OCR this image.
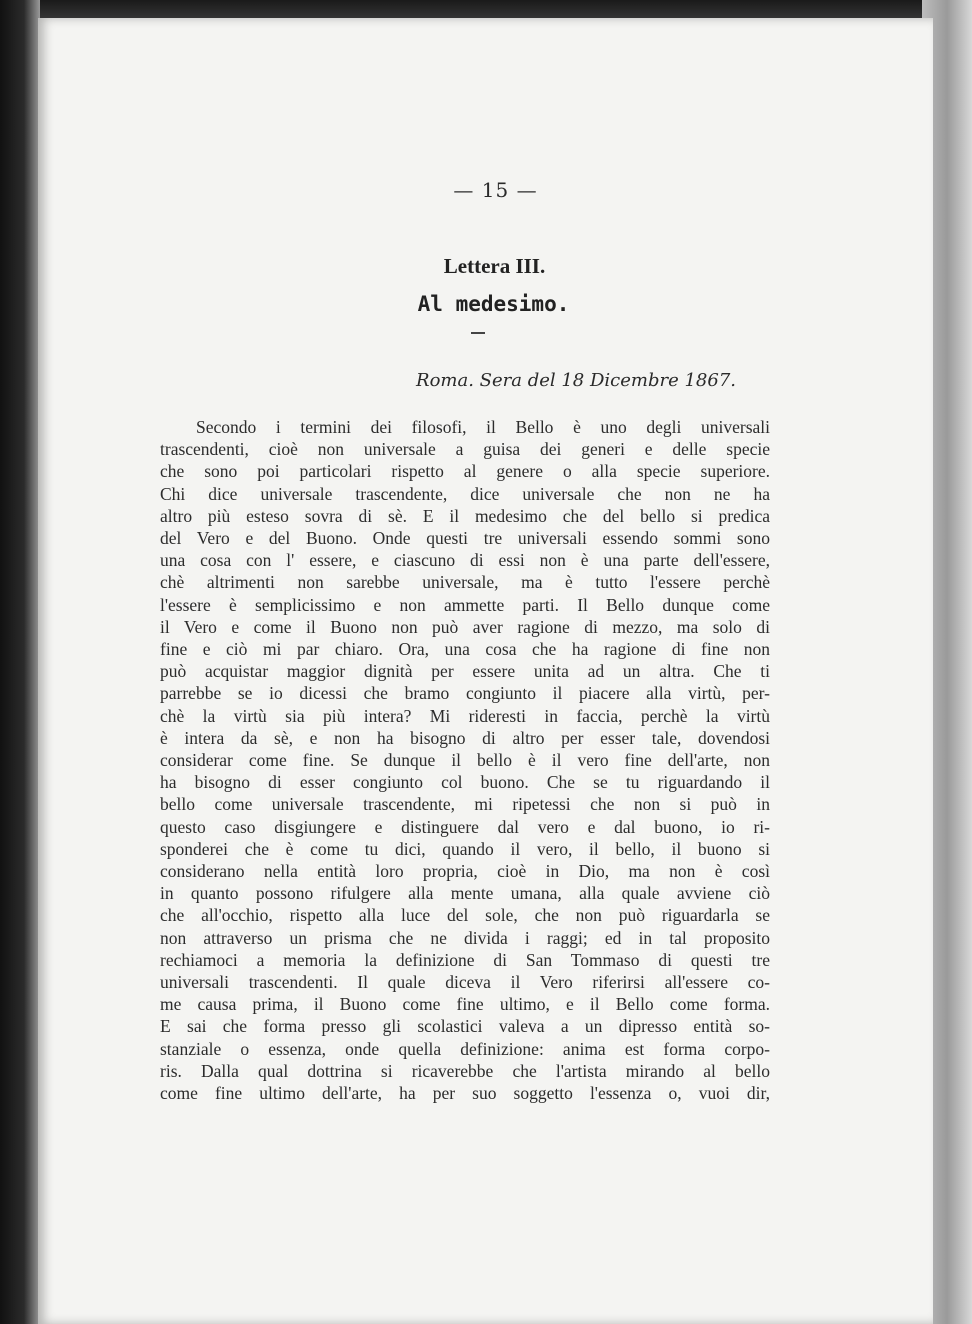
— 15 —
Lettera III.
Al medesimo.
Roma. Sera del 18 Dicembre 1867.
Secondo i termini dei filosofi, il Bello è uno degli universali
trascendenti, cioè non universale a guisa dei generi e delle specie
che sono poi particolari rispetto al genere o alla specie superiore.
Chi dice universale trascendente, dice universale che non ne ha
altro più esteso sovra di sè. E il medesimo che del bello si predica
del Vero e del Buono. Onde questi tre universali essendo sommi sono
una cosa con l' essere, e ciascuno di essi non è una parte dell'essere,
chè altrimenti non sarebbe universale, ma è tutto l'essere perchè
l'essere è semplicissimo e non ammette parti. Il Bello dunque come
il Vero e come il Buono non può aver ragione di mezzo, ma solo di
fine e ciò mi par chiaro. Ora, una cosa che ha ragione di fine non
può acquistar maggior dignità per essere unita ad un altra. Che ti
parrebbe se io dicessi che bramo congiunto il piacere alla virtù, per-
chè la virtù sia più intera? Mi rideresti in faccia, perchè la virtù
è intera da sè, e non ha bisogno di altro per esser tale, dovendosi
considerar come fine. Se dunque il bello è il vero fine dell'arte, non
ha bisogno di esser congiunto col buono. Che se tu riguardando il
bello come universale trascendente, mi ripetessi che non si può in
questo caso disgiungere e distinguere dal vero e dal buono, io ri-
sponderei che è come tu dici, quando il vero, il bello, il buono si
considerano nella entità loro propria, cioè in Dio, ma non è così
in quanto possono rifulgere alla mente umana, alla quale avviene ciò
che all'occhio, rispetto alla luce del sole, che non può riguardarla se
non attraverso un prisma che ne divida i raggi; ed in tal proposito
rechiamoci a memoria la definizione di San Tommaso di questi tre
universali trascendenti. Il quale diceva il Vero riferirsi all'essere co-
me causa prima, il Buono come fine ultimo, e il Bello come forma.
E sai che forma presso gli scolastici valeva a un dipresso entità so-
stanziale o essenza, onde quella definizione: anima est forma corpo-
ris. Dalla qual dottrina si ricaverebbe che l'artista mirando al bello
come fine ultimo dell'arte, ha per suo soggetto l'essenza o, vuoi dir,
